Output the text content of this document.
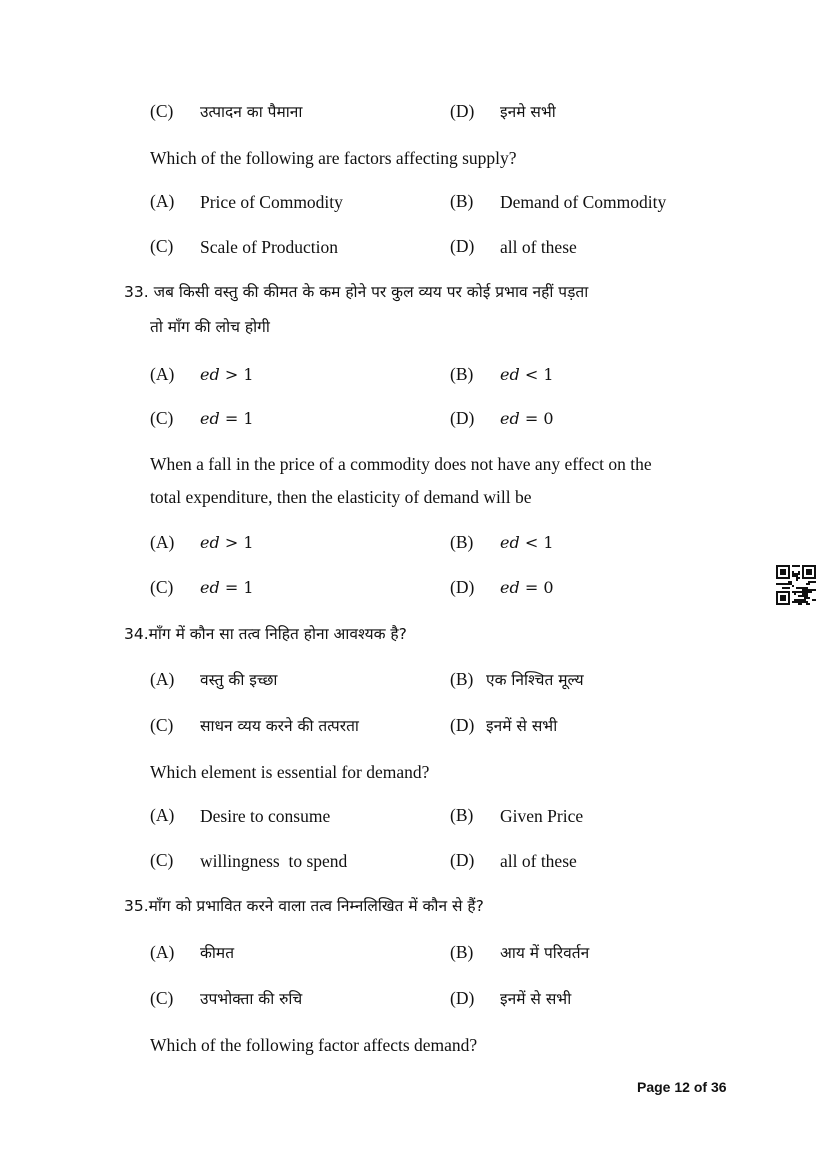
(C) उत्पादन का पैमाना	(D) इनमे सभी
Which of the following are factors affecting supply?
(A) Price of Commodity	(B) Demand of Commodity
(C) Scale of Production	(D) all of these
33. जब किसी वस्तु की कीमत के कम होने पर कुल व्यय पर कोई प्रभाव नहीं पड़ता
तो माँग की लोच होगी
(A) ed > 1	(B) ed < 1
(C) ed = 1	(D) ed = 0
When a fall in the price of a commodity does not have any effect on the
total expenditure, then the elasticity of demand will be
(A) ed > 1	(B) ed < 1
(C) ed = 1	(D) ed = 0
34.माँग में कौन सा तत्व निहित होना आवश्यक है?
(A) वस्तु की इच्छा	(B) एक निश्चित मूल्य
(C) साधन व्यय करने की तत्परता	(D) इनमें से सभी
Which element is essential for demand?
(A) Desire to consume	(B) Given Price
(C) willingness  to spend	(D) all of these
35.माँग को प्रभावित करने वाला तत्व निम्नलिखित में कौन से हैं?
(A) कीमत	(B) आय में परिवर्तन
(C) उपभोक्ता की रुचि	(D) इनमें से सभी
Which of the following factor affects demand?
Page 12 of 36
